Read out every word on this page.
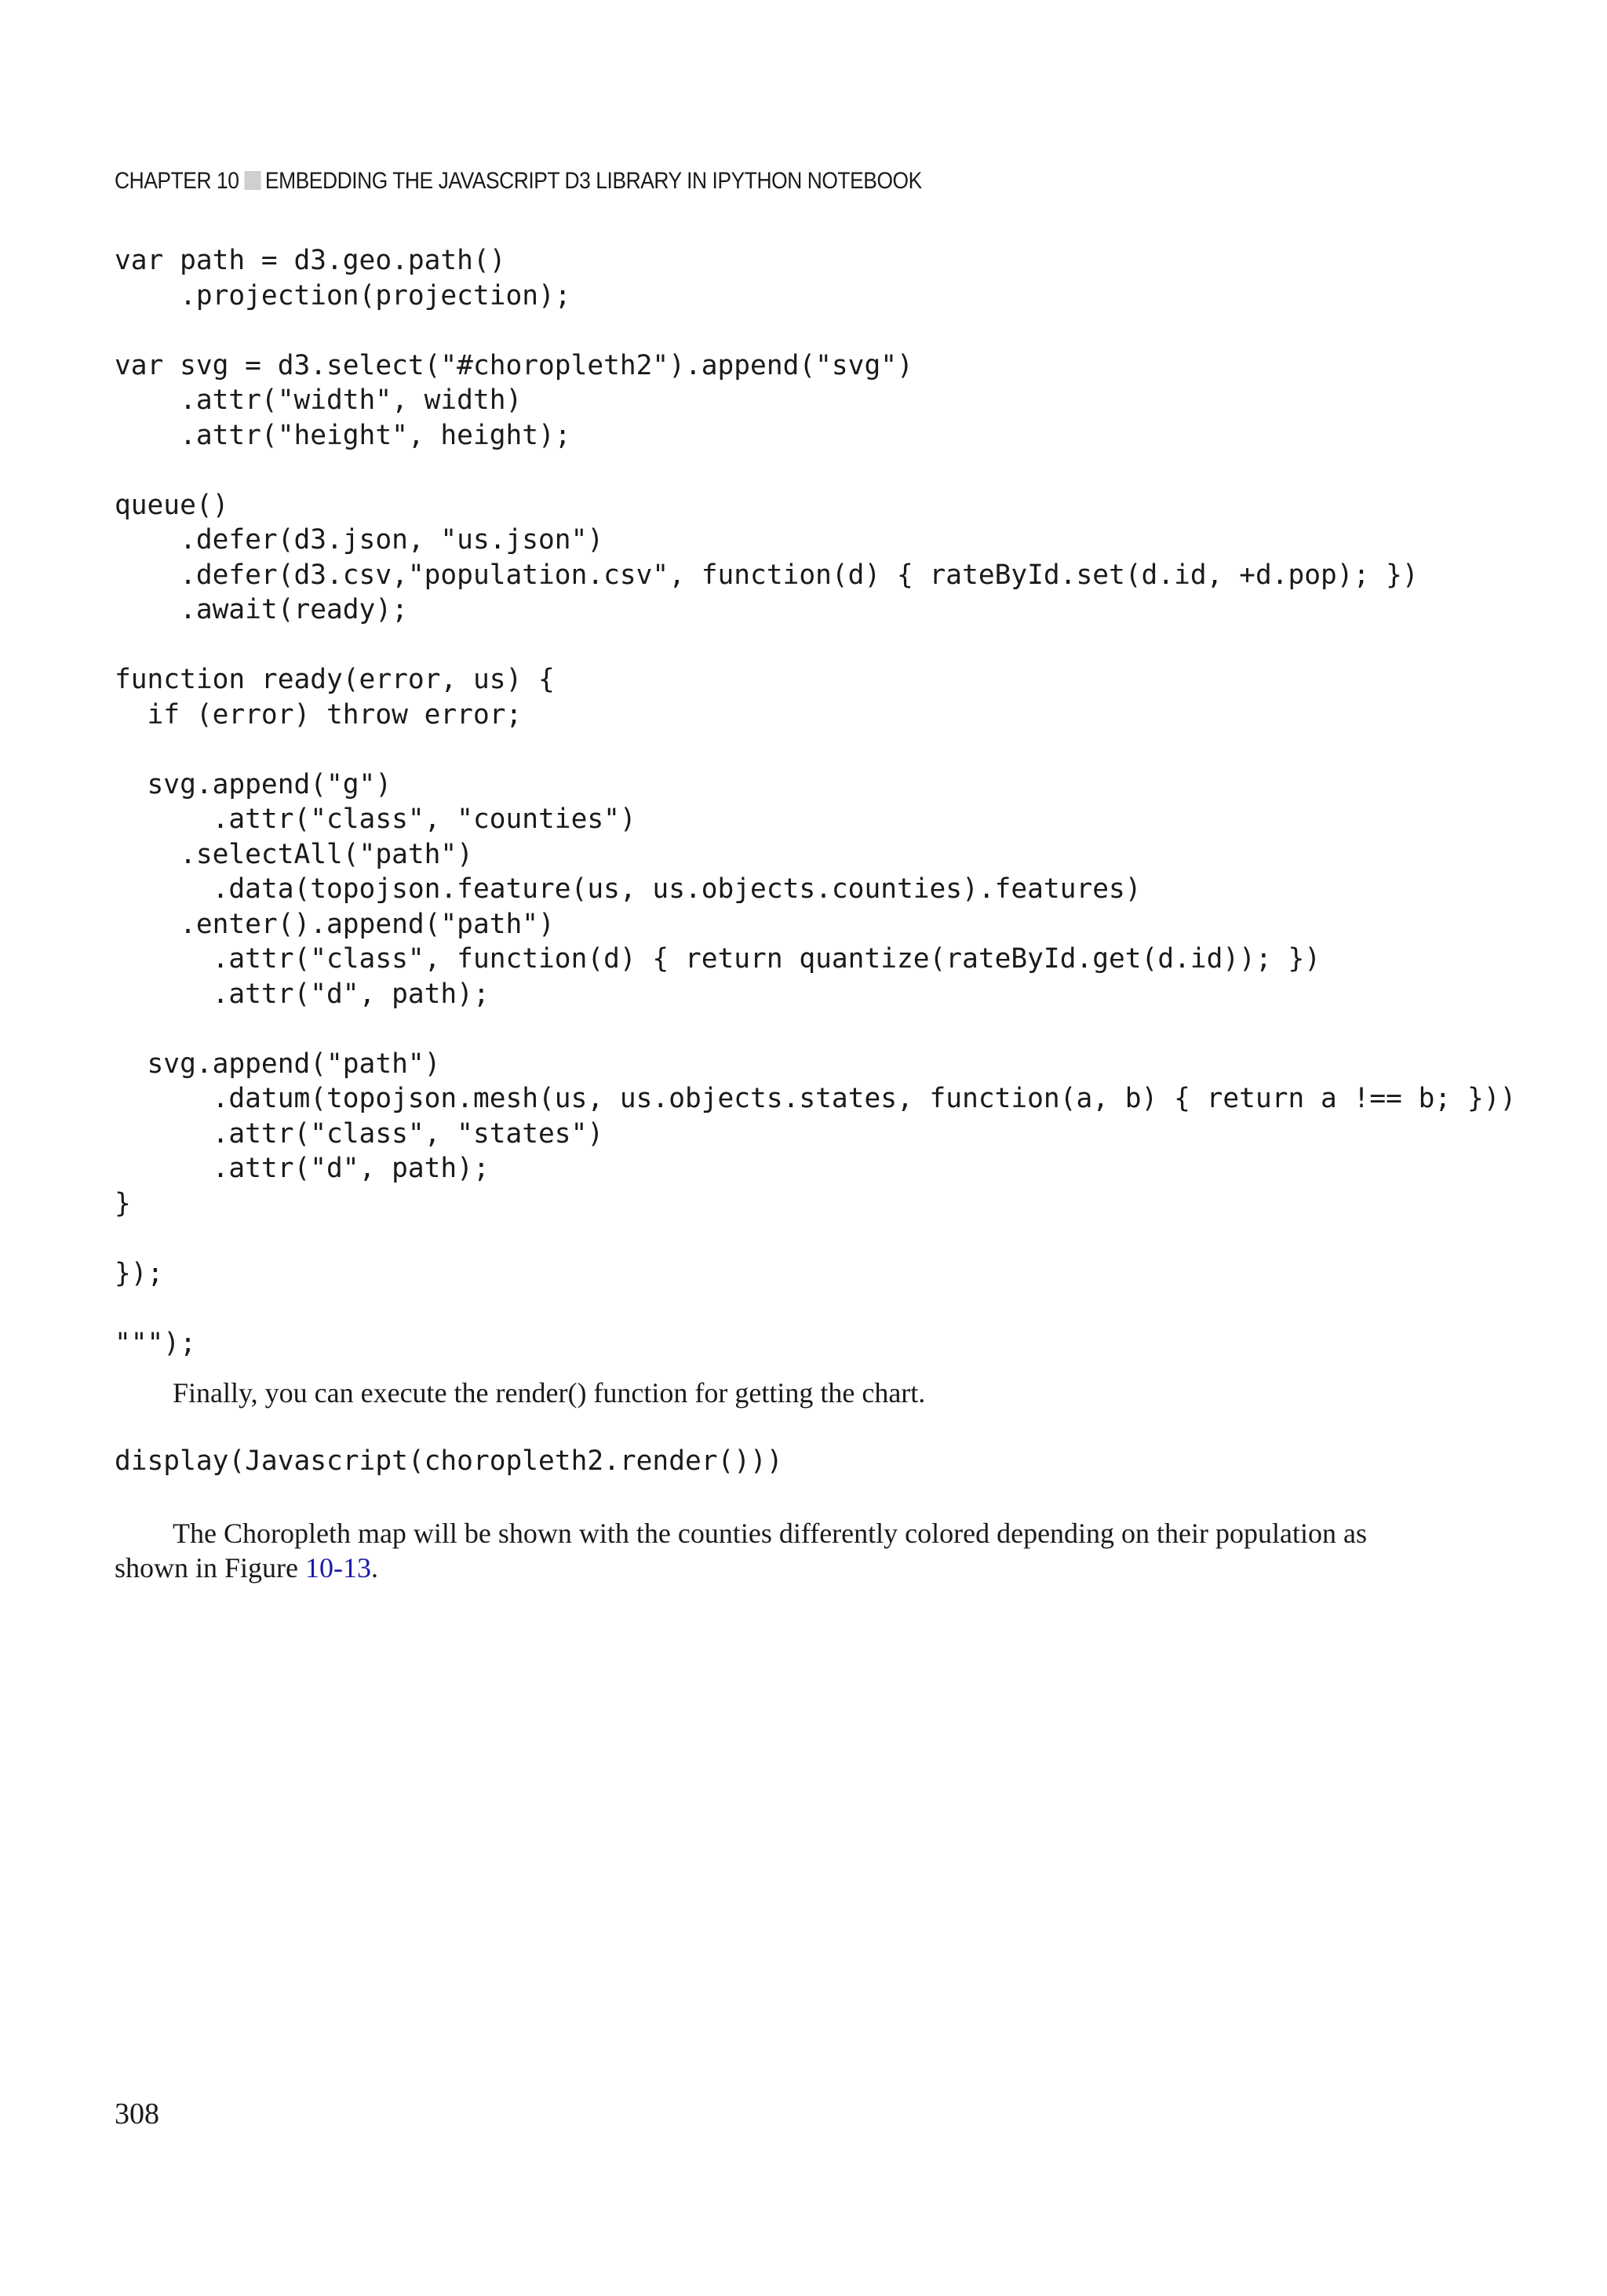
CHAPTER 10 EMBEDDING THE JAVASCRIPT D3 LIBRARY IN IPYTHON NOTEBOOK
var path = d3.geo.path()
.projection(projection);

var svg = d3.select("#choropleth2").append("svg")
.attr("width", width)
.attr("height", height);

queue()
.defer(d3.json, "us.json")
.defer(d3.csv,"population.csv", function(d) { rateById.set(d.id, +d.pop); })
.await(ready);

function ready(error, us) {
if (error) throw error;

svg.append("g")
.attr("class", "counties")
.selectAll("path")
.data(topojson.feature(us, us.objects.counties).features)
.enter().append("path")
.attr("class", function(d) { return quantize(rateById.get(d.id)); })
.attr("d", path);

svg.append("path")
.datum(topojson.mesh(us, us.objects.states, function(a, b) { return a !== b; }))
.attr("class", "states")
.attr("d", path);
}

});

""");

Finally, you can execute the render() function for getting the chart.

display(Javascript(choropleth2.render()))

The Choropleth map will be shown with the counties differently colored depending on their population as shown in Figure 10-13.

308
